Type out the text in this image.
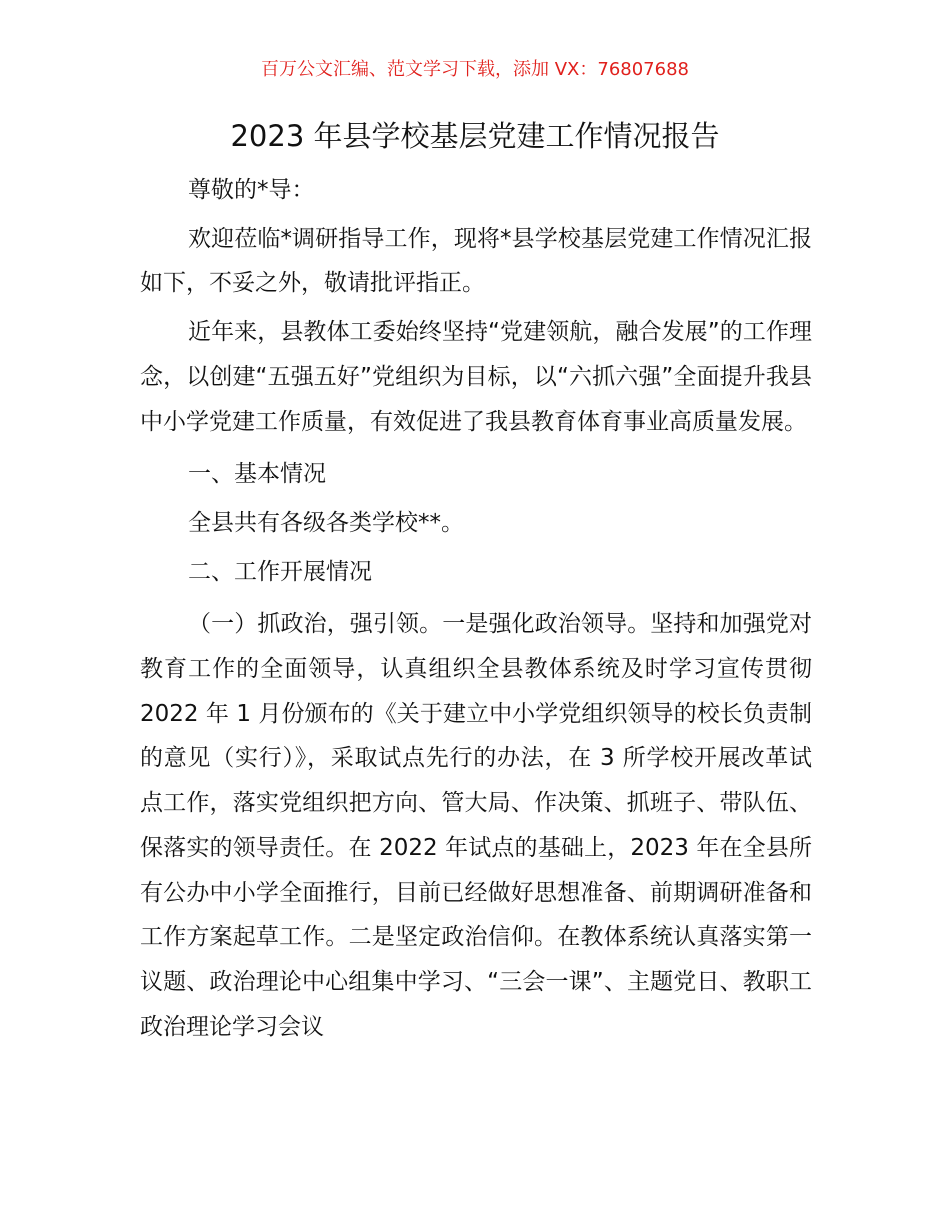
百万公文汇编、范文学习下载，添加 VX：76807688
2023 年县学校基层党建工作情况报告

尊敬的*导：

欢迎莅临*调研指导工作，现将*县学校基层党建工作情况汇报如下，不妥之外，敬请批评指正。

近年来，县教体工委始终坚持“党建领航，融合发展”的工作理念，以创建“五强五好”党组织为目标，以“六抓六强”全面提升我县中小学党建工作质量，有效促进了我县教育体育事业高质量发展。

一、基本情况

全县共有各级各类学校**。

二、工作开展情况

（一）抓政治，强引领。一是强化政治领导。坚持和加强党对教育工作的全面领导，认真组织全县教体系统及时学习宣传贯彻 2022 年 1 月份颁布的《关于建立中小学党组织领导的校长负责制的意见（实行）》，采取试点先行的办法，在 3 所学校开展改革试点工作，落实党组织把方向、管大局、作决策、抓班子、带队伍、保落实的领导责任。在 2022 年试点的基础上，2023 年在全县所有公办中小学全面推行，目前已经做好思想准备、前期调研准备和工作方案起草工作。二是坚定政治信仰。在教体系统认真落实第一议题、政治理论中心组集中学习、“三会一课”、主题党日、教职工政治理论学习会议
